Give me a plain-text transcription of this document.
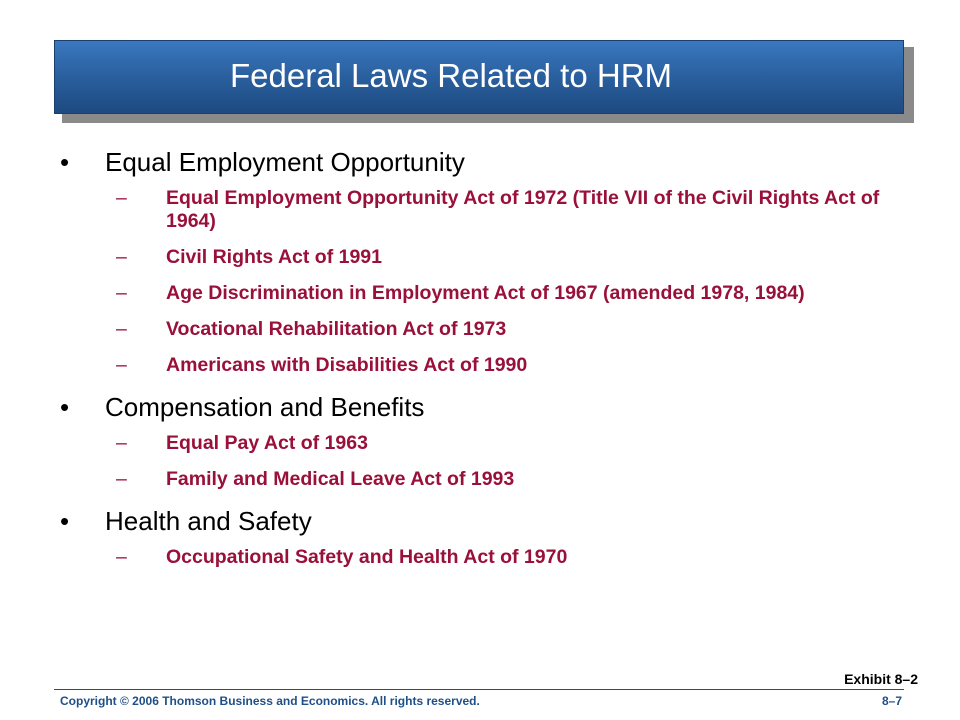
Federal Laws Related to HRM
•	Equal Employment Opportunity
– Equal Employment Opportunity Act of 1972 (Title VII of the Civil Rights Act of 1964)
– Civil Rights Act of 1991
– Age Discrimination in Employment Act of 1967 (amended 1978, 1984)
– Vocational Rehabilitation Act of 1973
– Americans with Disabilities Act of 1990
•	Compensation and Benefits
– Equal Pay Act of 1963
– Family and Medical Leave Act of 1993
•	Health and Safety
– Occupational Safety and Health Act of 1970
Exhibit 8–2
Copyright © 2006 Thomson Business and Economics. All rights reserved.	8–7
